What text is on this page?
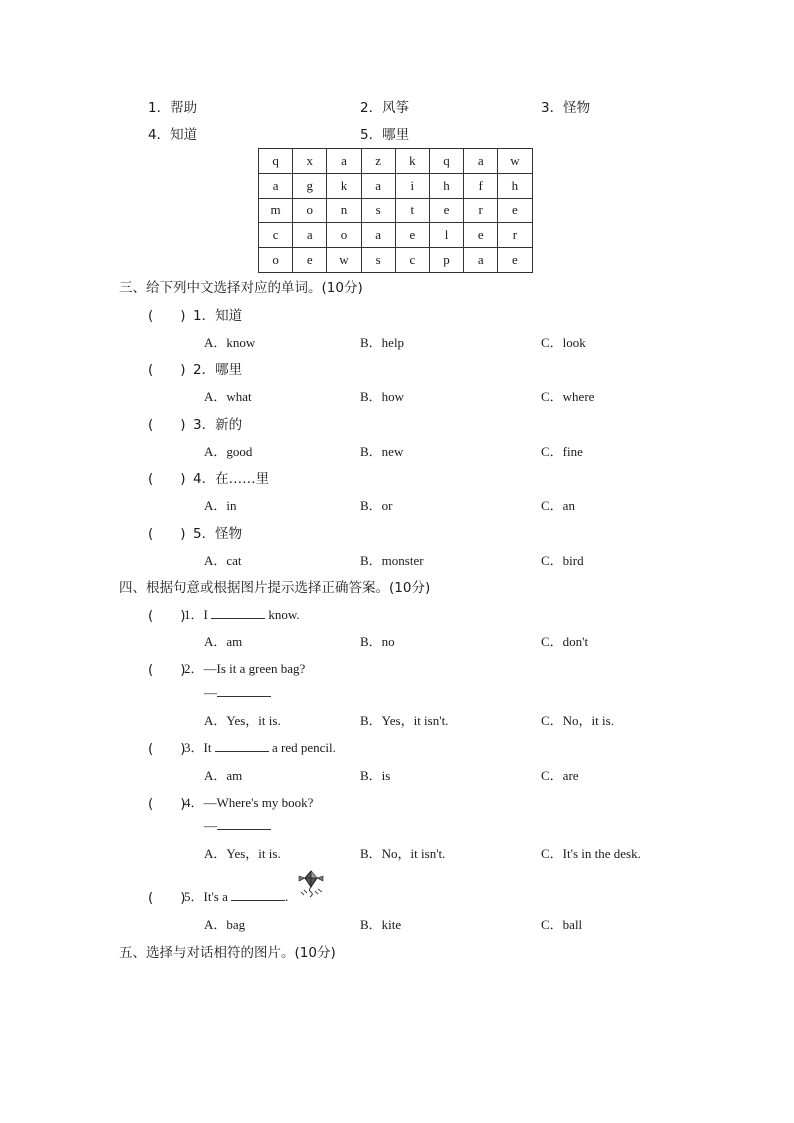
1．帮助	2．风筝	3．怪物
4．知道	5．哪里
q	x	a	z	k	q	a	w
a	g	k	a	i	h	f	h
m	o	n	s	t	e	r	e
c	a	o	a	e	l	e	r
o	e	w	s	c	p	a	e
三、给下列中文选择对应的单词。(10分)
(　　) 1．知道
A．know	B．help	C．look
(　　) 2．哪里
A．what	B．how	C．where
(　　) 3．新的
A．good	B．new	C．fine
(　　) 4．在……里
A．in	B．or	C．an
(　　) 5．怪物
A．cat	B．monster	C．bird
四、根据句意或根据图片提示选择正确答案。(10分)
(　　)
1．I	know.
A．am	B．no	C．don't
(　　)
2．—Is it a green bag?
—
A．Yes，it is.	B．Yes，it isn't.	C．No，it is.
(　　)
3．It	a red pencil.
A．am	B．is	C．are
(　　)
4．—Where's my book?
—
A．Yes，it is.	B．No，it isn't.	C．It's in the desk.
(　　)
5．It's a	.
A．bag	B．kite	C．ball
五、选择与对话相符的图片。(10分)
